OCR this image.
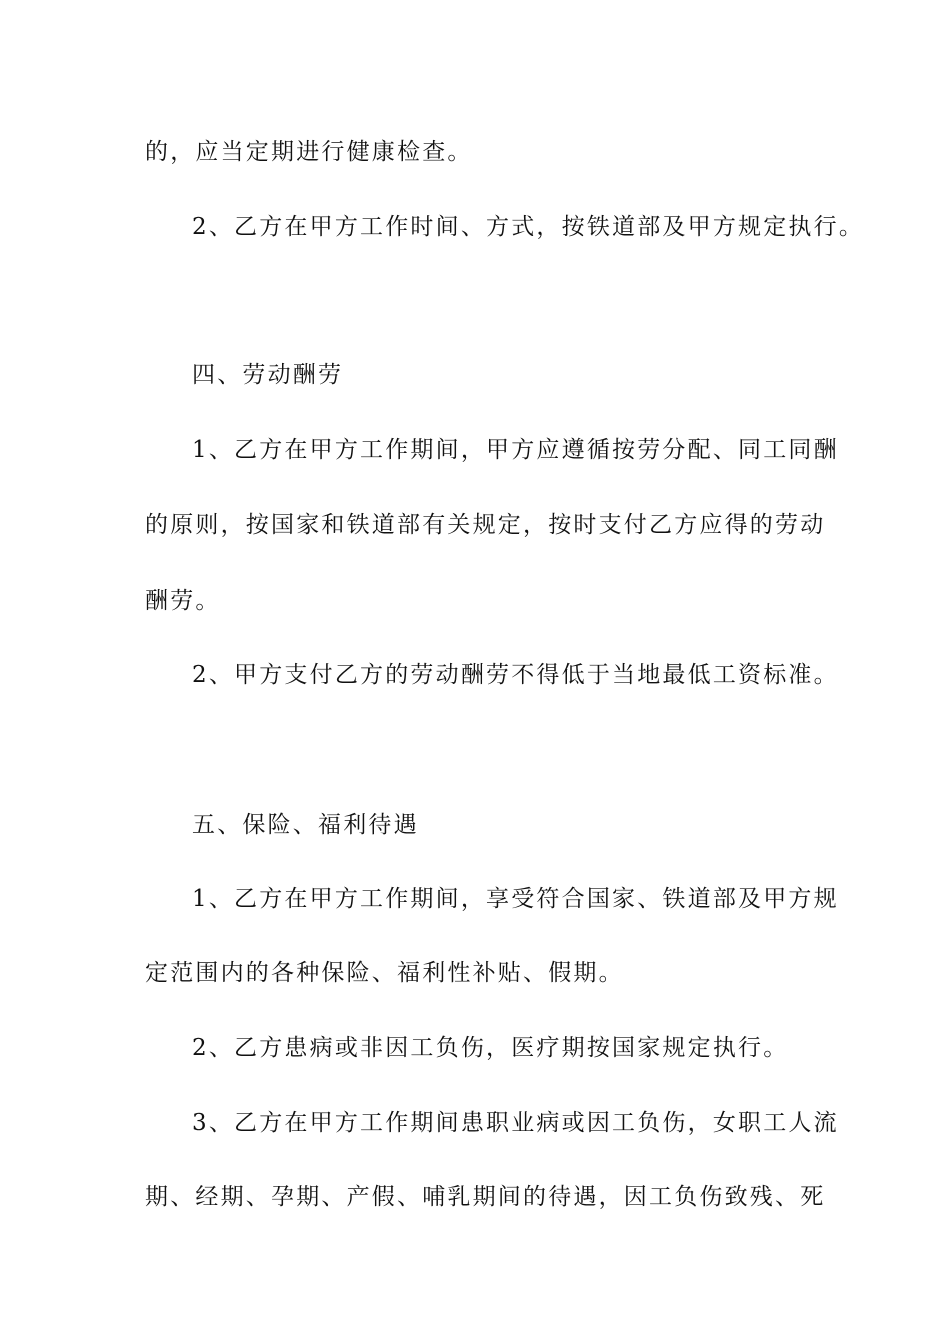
的，应当定期进行健康检查。
2、乙方在甲方工作时间、方式，按铁道部及甲方规定执行。
四、劳动酬劳
1、乙方在甲方工作期间，甲方应遵循按劳分配、同工同酬
的原则，按国家和铁道部有关规定，按时支付乙方应得的劳动
酬劳。
2、甲方支付乙方的劳动酬劳不得低于当地最低工资标准。
五、保险、福利待遇
1、乙方在甲方工作期间，享受符合国家、铁道部及甲方规
定范围内的各种保险、福利性补贴、假期。
2、乙方患病或非因工负伤，医疗期按国家规定执行。
3、乙方在甲方工作期间患职业病或因工负伤，女职工人流
期、经期、孕期、产假、哺乳期间的待遇，因工负伤致残、死
